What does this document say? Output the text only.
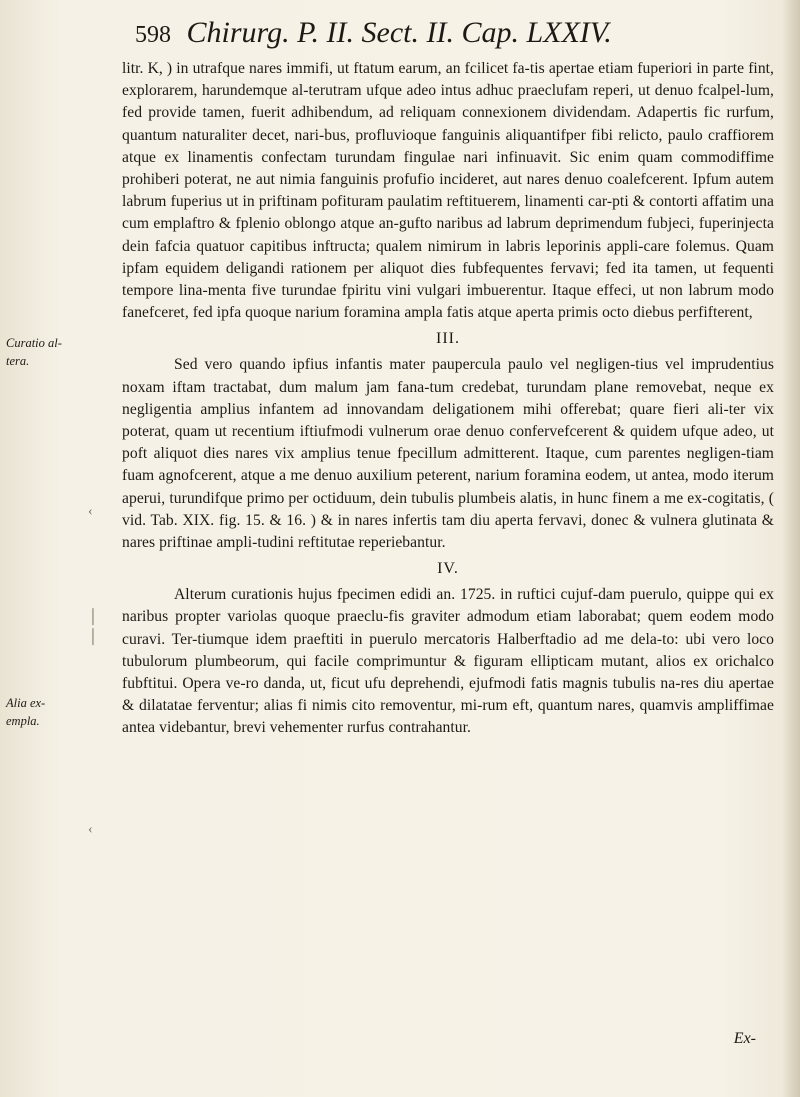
598 Chirurg. P. II. Sect. II. Cap. LXXIV.

litr. K, ) in utrafque nares immifi, ut ftatum earum, an fcilicet fa-tis apertae etiam fuperiori in parte fint, explorarem, harundemque al-terutram ufque adeo intus adhuc praeclufam reperi, ut denuo fcalpel-lum, fed provide tamen, fuerit adhibendum, ad reliquam connexionem dividendam. Adapertis fic rurfum, quantum naturaliter decet, nari-bus, profluvioque fanguinis aliquantifper fibi relicto, paulo craffiorem atque ex linamentis confectam turundam fingulae nari infinuavit. Sic enim quam commodiffime prohiberi poterat, ne aut nimia fanguinis profufio incideret, aut nares denuo coalefcerent. Ipfum autem labrum fuperius ut in priftinam pofituram paulatim reftituerem, linamenti car-pti & contorti affatim una cum emplaftro & fplenio oblongo atque an-gufto naribus ad labrum deprimendum fubjeci, fuperinjecta dein fafcia quatuor capitibus inftructa; qualem nimirum in labris leporinis appli-care folemus. Quam ipfam equidem deligandi rationem per aliquot dies fubfequentes fervavi; fed ita tamen, ut fequenti tempore lina-menta five turundae fpiritu vini vulgari imbuerentur. Itaque effeci, ut non labrum modo fanefceret, fed ipfa quoque narium foramina ampla fatis atque aperta primis octo diebus perfifterent,

III.

Sed vero quando ipfius infantis mater paupercula paulo vel negligen-tius vel imprudentius noxam iftam tractabat, dum malum jam fana-tum credebat, turundam plane removebat, neque ex negligentia amplius infantem ad innovandam deligationem mihi offerebat; quare fieri ali-ter vix poterat, quam ut recentium iftiufmodi vulnerum orae denuo confervefcerent & quidem ufque adeo, ut poft aliquot dies nares vix amplius tenue fpecillum admitterent. Itaque, cum parentes negligen-tiam fuam agnofcerent, atque a me denuo auxilium peterent, narium foramina eodem, ut antea, modo iterum aperui, turundifque primo per octiduum, dein tubulis plumbeis alatis, in hunc finem a me ex-cogitatis, ( vid. Tab. XIX. fig. 15. & 16. ) & in nares infertis tam diu aperta fervavi, donec & vulnera glutinata & nares priftinae ampli-tudini reftitutae reperiebantur.

IV.

Alterum curationis hujus fpecimen edidi an. 1725. in ruftici cujuf-dam puerulo, quippe qui ex naribus propter variolas quoque praeclu-fis graviter admodum etiam laborabat; quem eodem modo curavi. Ter-tiumque idem praeftiti in puerulo mercatoris Halberftadio ad me dela-to: ubi vero loco tubulorum plumbeorum, qui facile comprimuntur & figuram ellipticam mutant, alios ex orichalco fubftitui. Opera ve-ro danda, ut, ficut ufu deprehendi, ejufmodi fatis magnis tubulis na-res diu apertae & dilatatae ferventur; alias fi nimis cito removentur, mi-rum eft, quantum nares, quamvis ampliffimae antea videbantur, brevi vehementer rurfus contrahantur.

Curatio al-tera.
Alia ex-empla.
‹
│
│
‹
Ex-
